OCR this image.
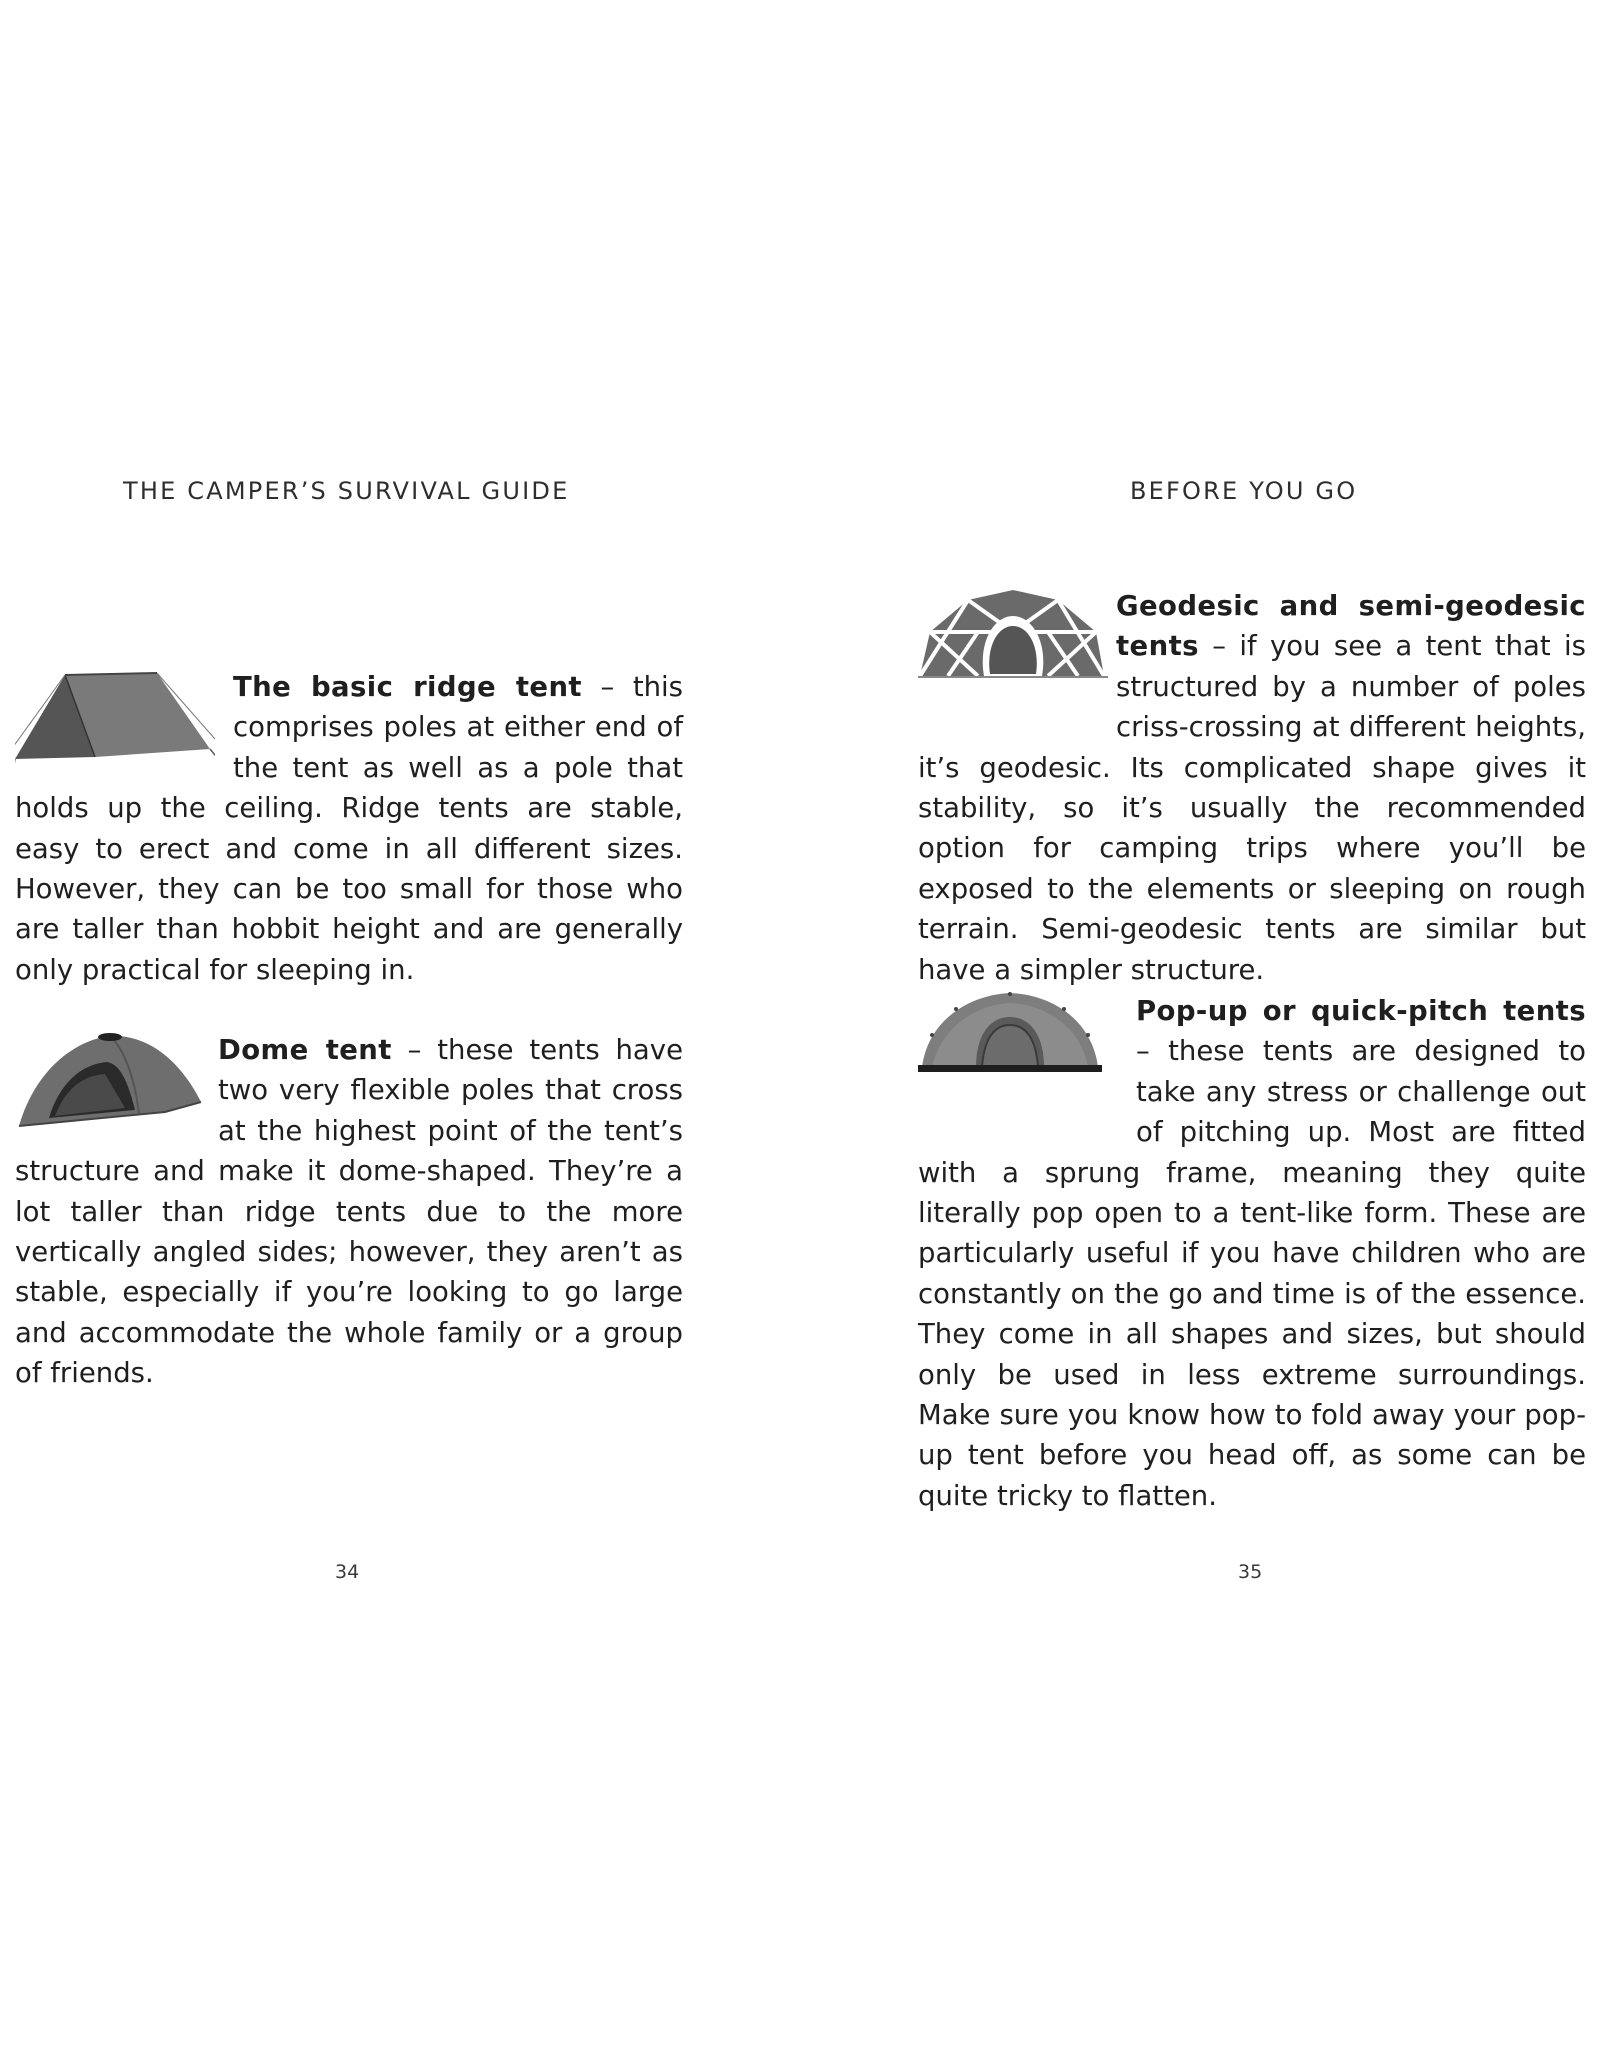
THE CAMPER’S SURVIVAL GUIDE
The basic ridge tent – this comprises poles at either end of the tent as well as a pole that holds up the ceiling. Ridge tents are stable, easy to erect and come in all different sizes. However, they can be too small for those who are taller than hobbit height and are generally only practical for sleeping in.
Dome tent – these tents have two very flexible poles that cross at the highest point of the tent’s structure and make it dome-shaped. They’re a lot taller than ridge tents due to the more vertically angled sides; however, they aren’t as stable, especially if you’re looking to go large and accommodate the whole family or a group of friends.
34
BEFORE YOU GO
Geodesic and semi-geodesic tents – if you see a tent that is structured by a number of poles criss-crossing at different heights, it’s geodesic. Its complicated shape gives it stability, so it’s usually the recommended option for camping trips where you’ll be exposed to the elements or sleeping on rough terrain. Semi-geodesic tents are similar but have a simpler structure.
Pop-up or quick-pitch tents – these tents are designed to take any stress or challenge out of pitching up. Most are fitted with a sprung frame, meaning they quite literally pop open to a tent-like form. These are particularly useful if you have children who are constantly on the go and time is of the essence. They come in all shapes and sizes, but should only be used in less extreme surroundings. Make sure you know how to fold away your pop-up tent before you head off, as some can be quite tricky to flatten.
35
